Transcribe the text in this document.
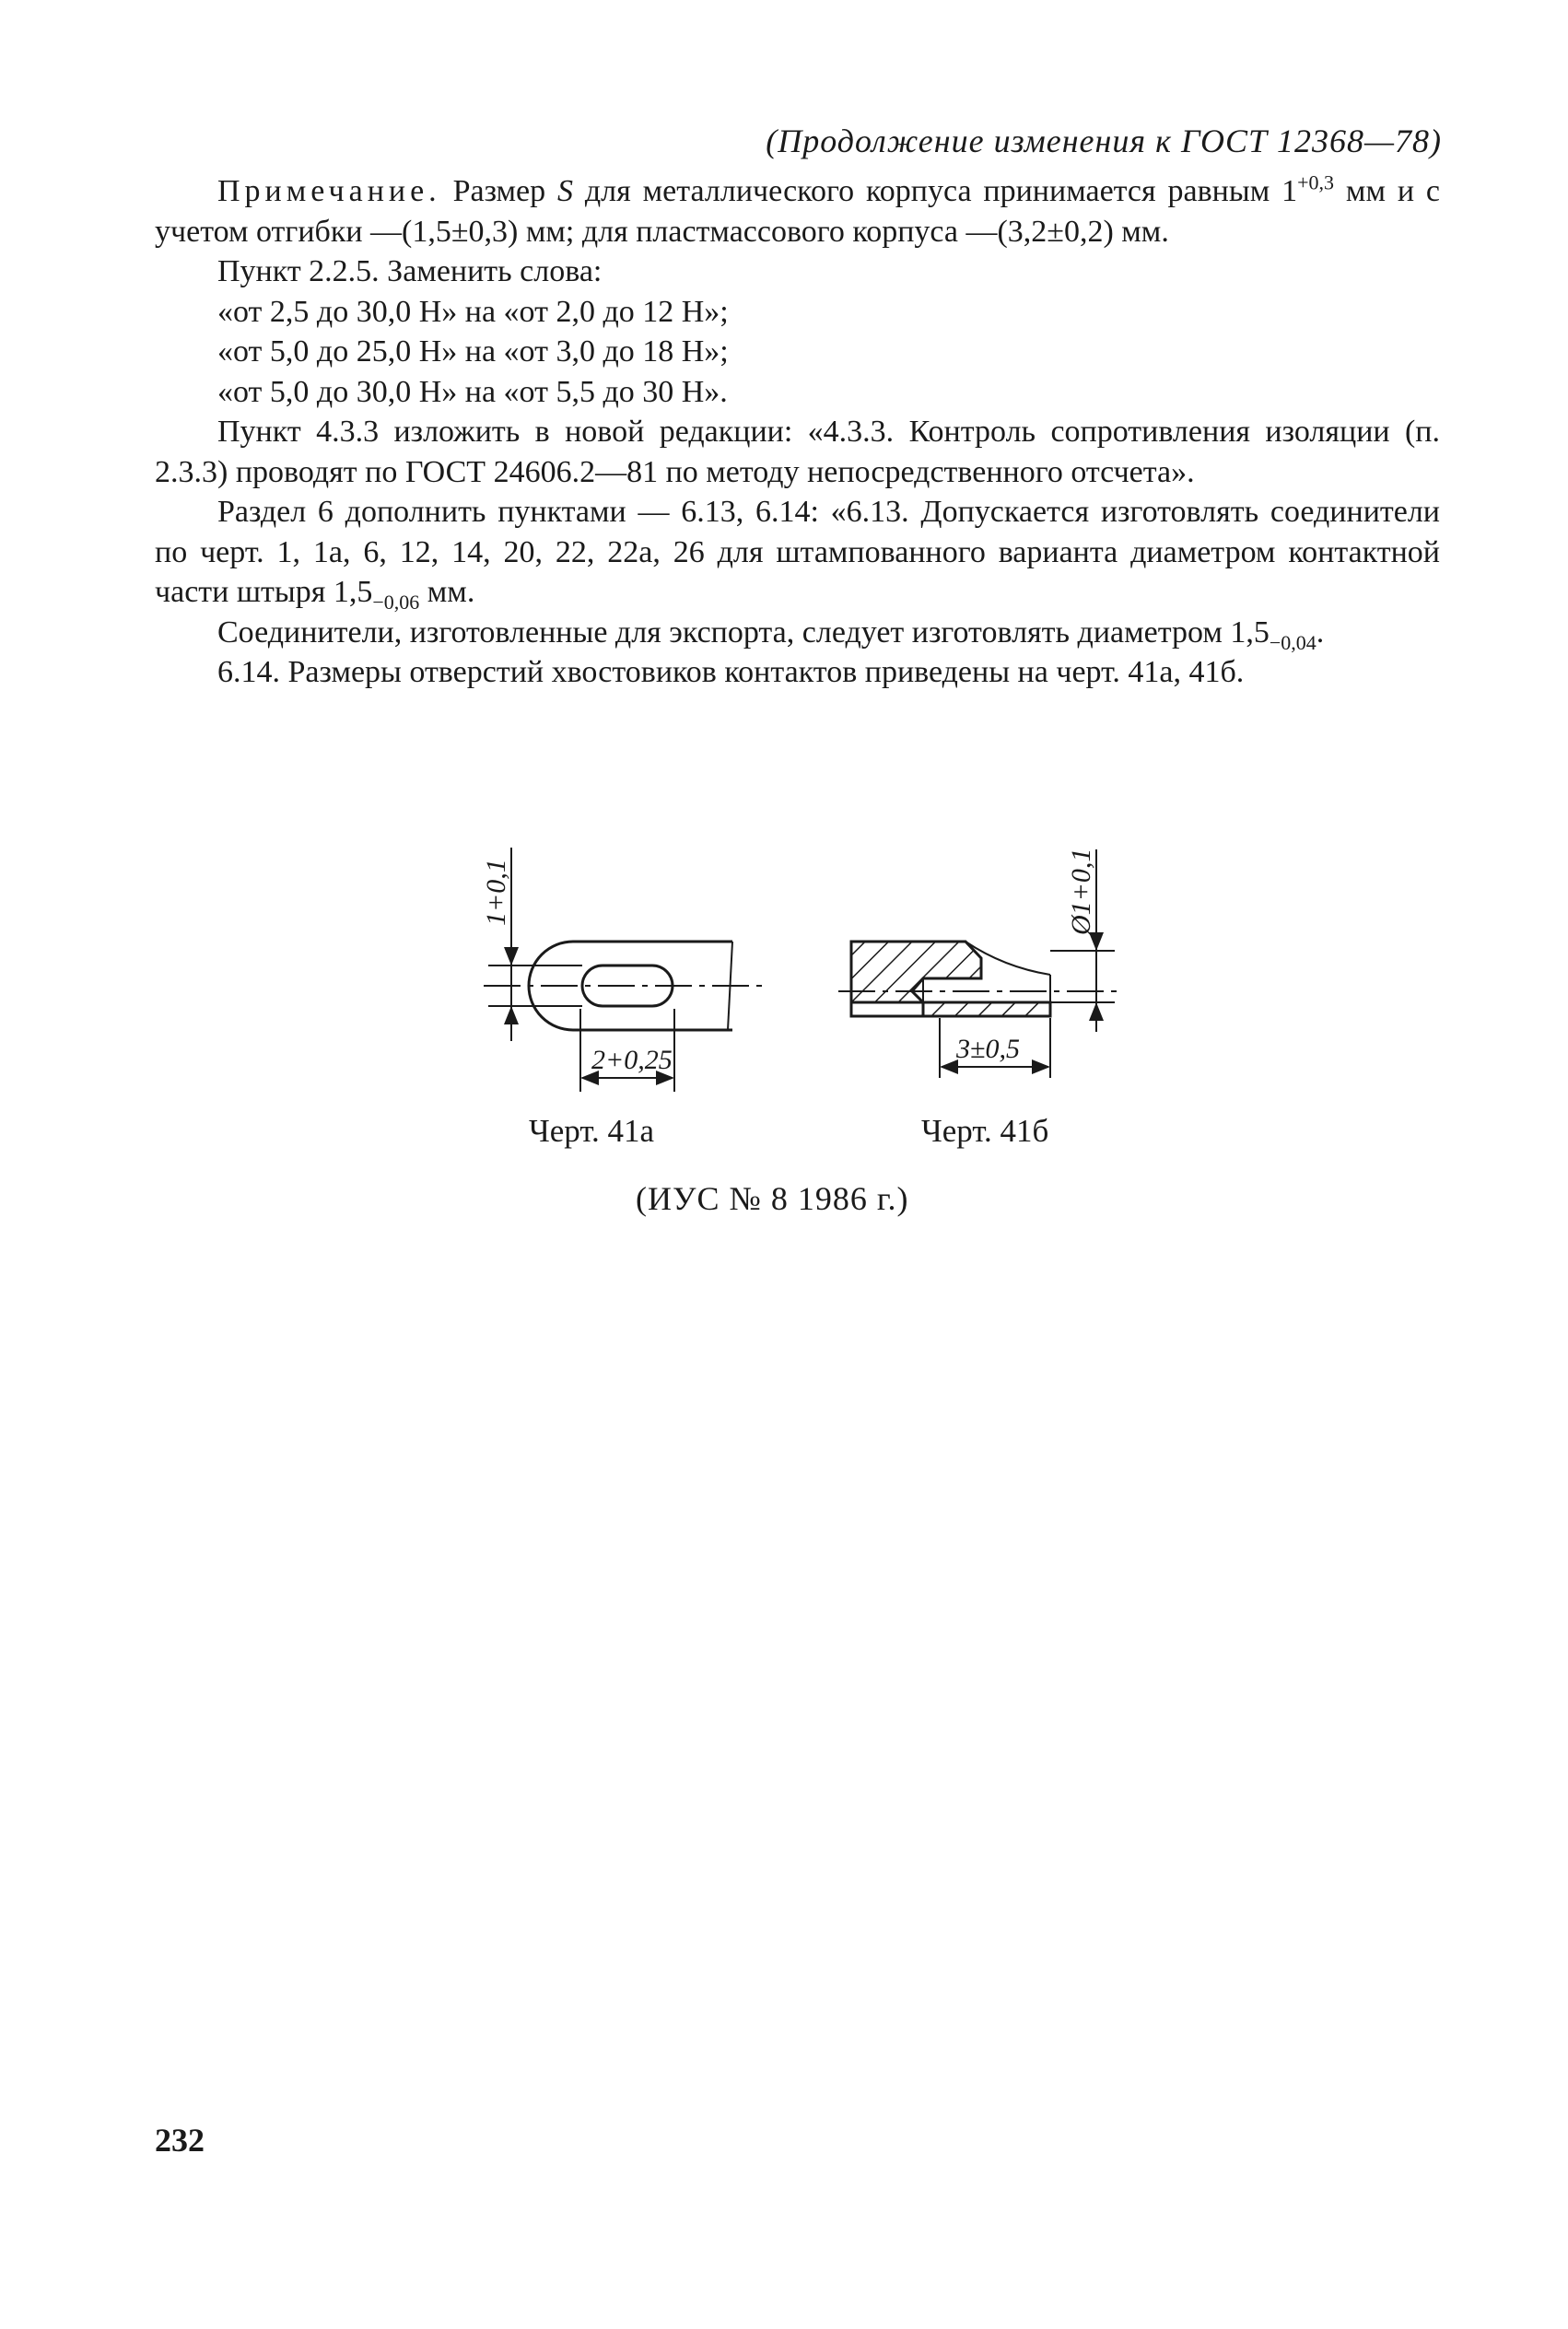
(Продолжение изменения к ГОСТ 12368—78)

Примечание. Размер S для металлического корпуса принимается равным $1^{+0,3}$ мм и с учетом отгибки —(1,5±0,3) мм; для пластмассового корпуса —(3,2±0,2) мм.

Пункт 2.2.5. Заменить слова:

«от 2,5 до 30,0 Н» на «от 2,0 до 12 Н»;

«от 5,0 до 25,0 Н» на «от 3,0 до 18 Н»;

«от 5,0 до 30,0 Н» на «от 5,5 до 30 Н».

Пункт 4.3.3 изложить в новой редакции: «4.3.3. Контроль сопротивления изоляции (п. 2.3.3) проводят по ГОСТ 24606.2—81 по методу непосредственного отсчета».

Раздел 6 дополнить пунктами — 6.13, 6.14: «6.13. Допускается изготовлять соединители по черт. 1, 1а, 6, 12, 14, 20, 22, 22а, 26 для штампованного варианта диаметром контактной части штыря $1,5_{-0,06}$ мм.

Соединители, изготовленные для экспорта, следует изготовлять диаметром $1,5_{-0,04}$.

6.14. Размеры отверстий хвостовиков контактов приведены на черт. 41а, 41б.

1+0,1
2+0,25
Ø1+0,1
3±0,5
Черт. 41а	Черт. 41б
(ИУС № 8 1986 г.)
232
